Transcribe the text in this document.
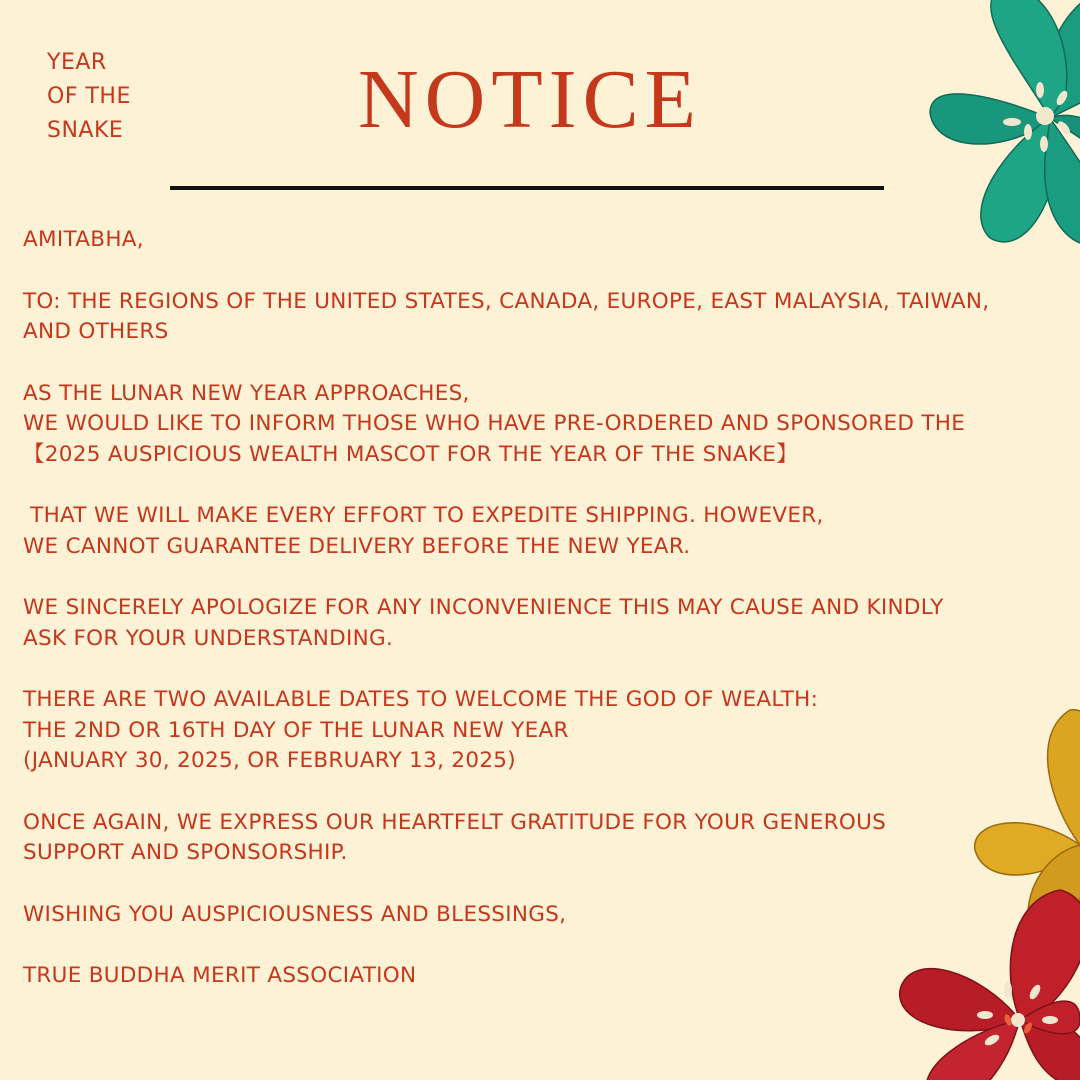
YEAR
OF THE
SNAKE	NOTICE
AMITABHA,
TO: THE REGIONS OF THE UNITED STATES, CANADA, EUROPE, EAST MALAYSIA, TAIWAN,
AND OTHERS
AS THE LUNAR NEW YEAR APPROACHES,
WE WOULD LIKE TO INFORM THOSE WHO HAVE PRE-ORDERED AND SPONSORED THE
【2025 AUSPICIOUS WEALTH MASCOT FOR THE YEAR OF THE SNAKE】
THAT WE WILL MAKE EVERY EFFORT TO EXPEDITE SHIPPING. HOWEVER,
WE CANNOT GUARANTEE DELIVERY BEFORE THE NEW YEAR.
WE SINCERELY APOLOGIZE FOR ANY INCONVENIENCE THIS MAY CAUSE AND KINDLY
ASK FOR YOUR UNDERSTANDING.
THERE ARE TWO AVAILABLE DATES TO WELCOME THE GOD OF WEALTH:
THE 2ND OR 16TH DAY OF THE LUNAR NEW YEAR
(JANUARY 30, 2025, OR FEBRUARY 13, 2025)
ONCE AGAIN, WE EXPRESS OUR HEARTFELT GRATITUDE FOR YOUR GENEROUS
SUPPORT AND SPONSORSHIP.
WISHING YOU AUSPICIOUSNESS AND BLESSINGS,
TRUE BUDDHA MERIT ASSOCIATION
